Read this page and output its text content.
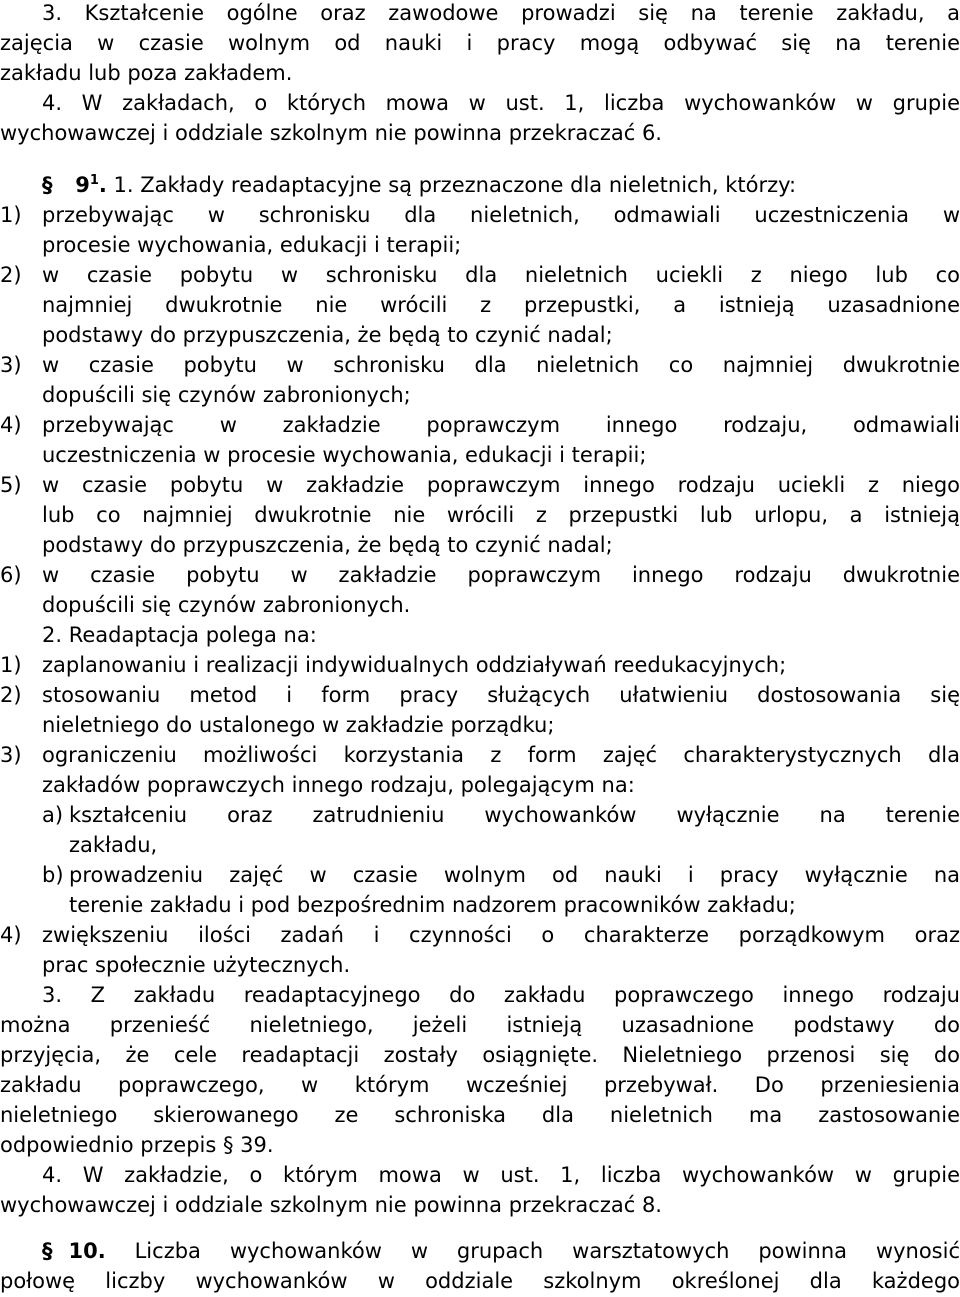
3. Kształcenie ogólne oraz zawodowe prowadzi się na terenie zakładu, a
zajęcia w czasie wolnym od nauki i pracy mogą odbywać się na terenie
zakładu lub poza zakładem.
4. W zakładach, o których mowa w ust. 1, liczba wychowanków w grupie
wychowawczej i oddziale szkolnym nie powinna przekraczać 6.
§ $9^1$. 1. Zakłady readaptacyjne są przeznaczone dla nieletnich, którzy:
1) przebywając w schronisku dla nieletnich, odmawiali uczestniczenia w
procesie wychowania, edukacji i terapii;
2) w czasie pobytu w schronisku dla nieletnich uciekli z niego lub co
najmniej dwukrotnie nie wrócili z przepustki, a istnieją uzasadnione
podstawy do przypuszczenia, że będą to czynić nadal;
3) w czasie pobytu w schronisku dla nieletnich co najmniej dwukrotnie
dopuścili się czynów zabronionych;
4) przebywając w zakładzie poprawczym innego rodzaju, odmawiali
uczestniczenia w procesie wychowania, edukacji i terapii;
5) w czasie pobytu w zakładzie poprawczym innego rodzaju uciekli z niego
lub co najmniej dwukrotnie nie wrócili z przepustki lub urlopu, a istnieją
podstawy do przypuszczenia, że będą to czynić nadal;
6) w czasie pobytu w zakładzie poprawczym innego rodzaju dwukrotnie
dopuścili się czynów zabronionych.
2. Readaptacja polega na:
1) zaplanowaniu i realizacji indywidualnych oddziaływań reedukacyjnych;
2) stosowaniu metod i form pracy służących ułatwieniu dostosowania się
nieletniego do ustalonego w zakładzie porządku;
3) ograniczeniu możliwości korzystania z form zajęć charakterystycznych dla
zakładów poprawczych innego rodzaju, polegającym na:
a) kształceniu oraz zatrudnieniu wychowanków wyłącznie na terenie
zakładu,
b) prowadzeniu zajęć w czasie wolnym od nauki i pracy wyłącznie na
terenie zakładu i pod bezpośrednim nadzorem pracowników zakładu;
4) zwiększeniu ilości zadań i czynności o charakterze porządkowym oraz
prac społecznie użytecznych.
3. Z zakładu readaptacyjnego do zakładu poprawczego innego rodzaju
można przenieść nieletniego, jeżeli istnieją uzasadnione podstawy do
przyjęcia, że cele readaptacji zostały osiągnięte. Nieletniego przenosi się do
zakładu poprawczego, w którym wcześniej przebywał. Do przeniesienia
nieletniego skierowanego ze schroniska dla nieletnich ma zastosowanie
odpowiednio przepis § 39.
4. W zakładzie, o którym mowa w ust. 1, liczba wychowanków w grupie
wychowawczej i oddziale szkolnym nie powinna przekraczać 8.
§ 10. Liczba wychowanków w grupach warsztatowych powinna wynosić
połowę liczby wychowanków w oddziale szkolnym określonej dla każdego
